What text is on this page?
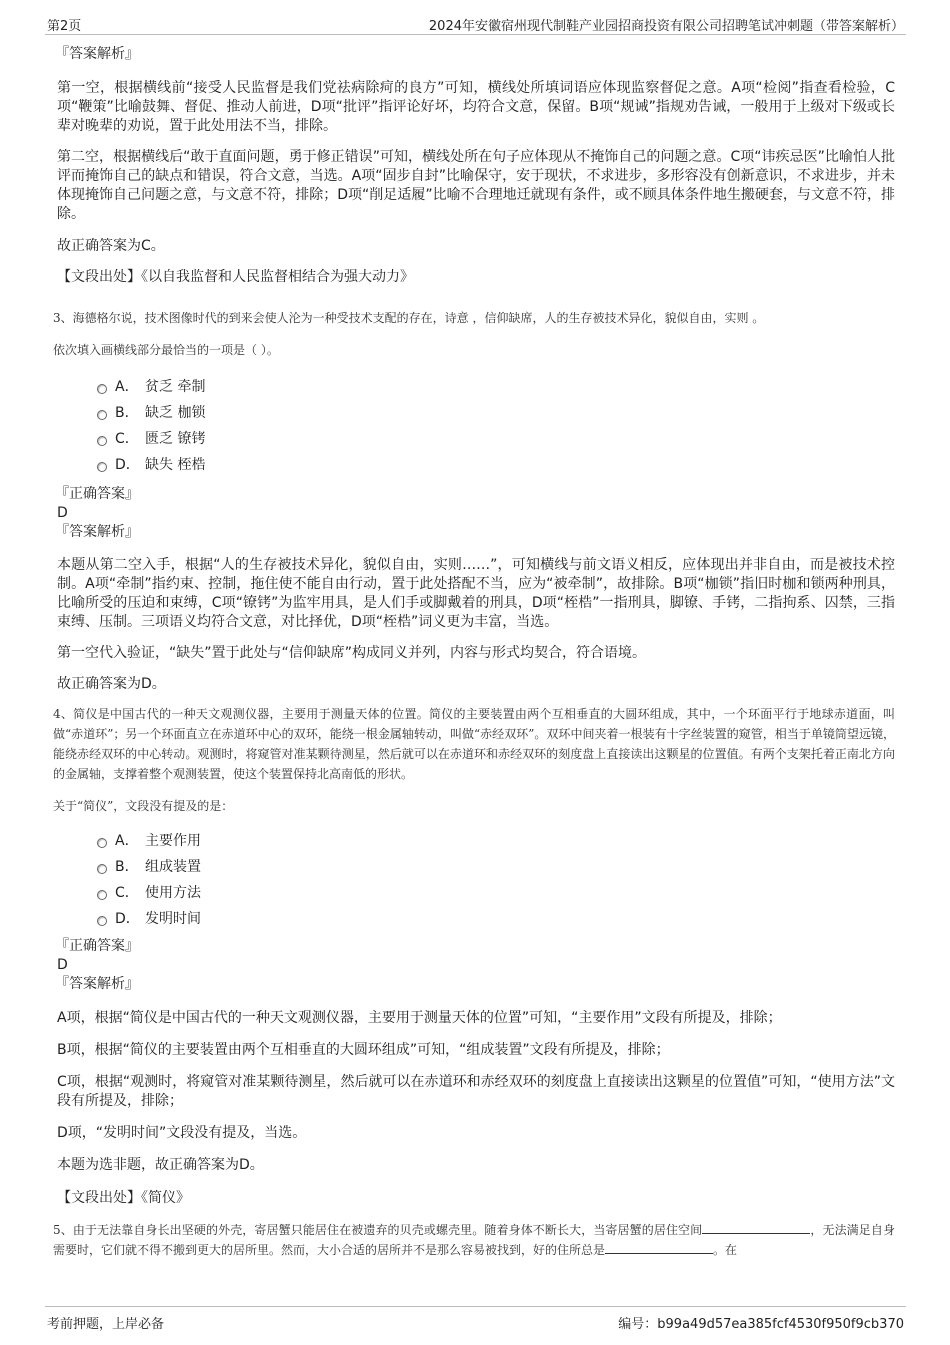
第2页	2024年安徽宿州现代制鞋产业园招商投资有限公司招聘笔试冲刺题（带答案解析）

『答案解析』

第一空，根据横线前“接受人民监督是我们党祛病除疴的良方”可知，横线处所填词语应体现监察督促之意。A项“检阅”指查看检验，C项“鞭策”比喻鼓舞、督促、推动人前进，D项“批评”指评论好坏，均符合文意，保留。B项“规诫”指规劝告诫，一般用于上级对下级或长辈对晚辈的劝说，置于此处用法不当，排除。

第二空，根据横线后“敢于直面问题，勇于修正错误”可知，横线处所在句子应体现从不掩饰自己的问题之意。C项“讳疾忌医”比喻怕人批评而掩饰自己的缺点和错误，符合文意，当选。A项“固步自封”比喻保守，安于现状，不求进步，多形容没有创新意识，不求进步，并未体现掩饰自己问题之意，与文意不符，排除；D项“削足适履”比喻不合理地迁就现有条件，或不顾具体条件地生搬硬套，与文意不符，排除。

故正确答案为C。

【文段出处】《以自我监督和人民监督相结合为强大动力》

3、海德格尔说，技术图像时代的到来会使人沦为一种受技术支配的存在，诗意 ，信仰缺席，人的生存被技术异化，貌似自由，实则 。

依次填入画横线部分最恰当的一项是（ ）。

A． 贫乏 牵制
B． 缺乏 枷锁
C． 匮乏 镣铐
D． 缺失 桎梏

『正确答案』

D

『答案解析』

本题从第二空入手，根据“人的生存被技术异化，貌似自由，实则……”，可知横线与前文语义相反，应体现出并非自由，而是被技术控制。A项“牵制”指约束、控制，拖住使不能自由行动，置于此处搭配不当，应为“被牵制”，故排除。B项“枷锁”指旧时枷和锁两种刑具，比喻所受的压迫和束缚，C项“镣铐”为监牢用具，是人们手或脚戴着的刑具，D项“桎梏”一指刑具，脚镣、手铐，二指拘系、囚禁，三指束缚、压制。三项语义均符合文意，对比择优，D项“桎梏”词义更为丰富，当选。

第一空代入验证，“缺失”置于此处与“信仰缺席”构成同义并列，内容与形式均契合，符合语境。

故正确答案为D。

4、简仪是中国古代的一种天文观测仪器，主要用于测量天体的位置。简仪的主要装置由两个互相垂直的大圆环组成，其中，一个环面平行于地球赤道面，叫做“赤道环”；另一个环面直立在赤道环中心的双环，能绕一根金属轴转动，叫做“赤经双环”。双环中间夹着一根装有十字丝装置的窥管，相当于单镜筒望远镜，能绕赤经双环的中心转动。观测时，将窥管对准某颗待测星，然后就可以在赤道环和赤经双环的刻度盘上直接读出这颗星的位置值。有两个支架托着正南北方向的金属轴，支撑着整个观测装置，使这个装置保持北高南低的形状。

关于“简仪”，文段没有提及的是：

A． 主要作用
B． 组成装置
C． 使用方法
D． 发明时间

『正确答案』

D

『答案解析』

A项，根据“简仪是中国古代的一种天文观测仪器，主要用于测量天体的位置”可知，“主要作用”文段有所提及，排除；

B项，根据“简仪的主要装置由两个互相垂直的大圆环组成”可知，“组成装置”文段有所提及，排除；

C项，根据“观测时，将窥管对准某颗待测星，然后就可以在赤道环和赤经双环的刻度盘上直接读出这颗星的位置值”可知，“使用方法”文段有所提及，排除；

D项，“发明时间”文段没有提及，当选。

本题为选非题，故正确答案为D。

【文段出处】《简仪》

5、由于无法靠自身长出坚硬的外壳，寄居蟹只能居住在被遗弃的贝壳或螺壳里。随着身体不断长大，当寄居蟹的居住空间	，无法满足自身需要时，它们就不得不搬到更大的居所里。然而，大小合适的居所并不是那么容易被找到，好的住所总是	。在

考前押题，上岸必备	编号：b99a49d57ea385fcf4530f950f9cb370
